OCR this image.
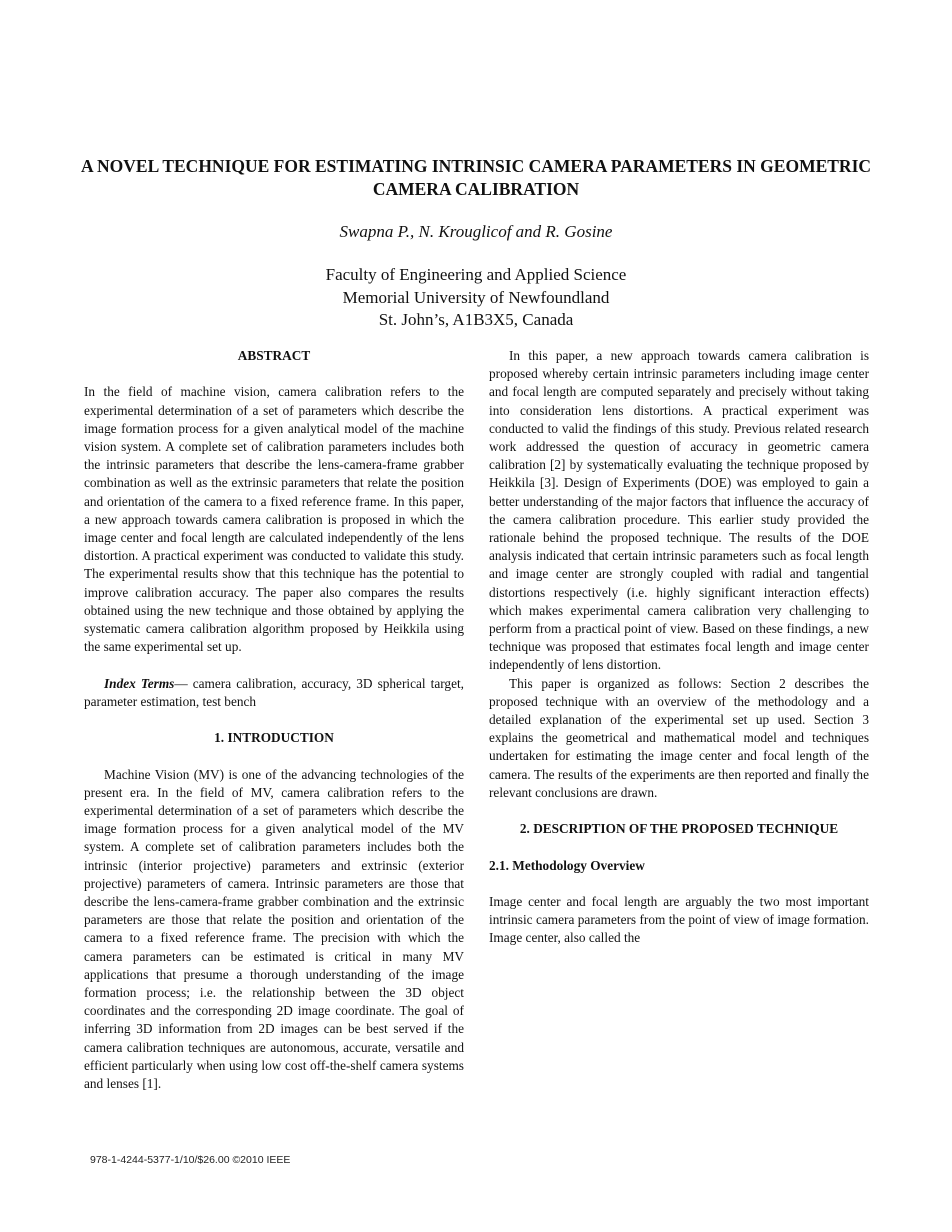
A NOVEL TECHNIQUE FOR ESTIMATING INTRINSIC CAMERA PARAMETERS IN GEOMETRIC CAMERA CALIBRATION
Swapna P., N. Krouglicof and R. Gosine
Faculty of Engineering and Applied Science
Memorial University of Newfoundland
St. John’s, A1B3X5, Canada
ABSTRACT

In the field of machine vision, camera calibration refers to the experimental determination of a set of parameters which describe the image formation process for a given analytical model of the machine vision system. A complete set of calibration parameters includes both the intrinsic parameters that describe the lens-camera-frame grabber combination as well as the extrinsic parameters that relate the position and orientation of the camera to a fixed reference frame. In this paper, a new approach towards camera calibration is proposed in which the image center and focal length are calculated independently of the lens distortion. A practical experiment was conducted to validate this study. The experimental results show that this technique has the potential to improve calibration accuracy. The paper also compares the results obtained using the new technique and those obtained by applying the systematic camera calibration algorithm proposed by Heikkila using the same experimental set up.

Index Terms— camera calibration, accuracy, 3D spherical target, parameter estimation, test bench

1. INTRODUCTION

Machine Vision (MV) is one of the advancing technologies of the present era. In the field of MV, camera calibration refers to the experimental determination of a set of parameters which describe the image formation process for a given analytical model of the MV system. A complete set of calibration parameters includes both the intrinsic (interior projective) parameters and extrinsic (exterior projective) parameters of camera. Intrinsic parameters are those that describe the lens-camera-frame grabber combination and the extrinsic parameters are those that relate the position and orientation of the camera to a fixed reference frame. The precision with which the camera parameters can be estimated is critical in many MV applications that presume a thorough understanding of the image formation process; i.e. the relationship between the 3D object coordinates and the corresponding 2D image coordinate. The goal of inferring 3D information from 2D images can be best served if the camera calibration techniques are autonomous, accurate, versatile and efficient particularly when using low cost off-the-shelf camera systems and lenses [1].

In this paper, a new approach towards camera calibration is proposed whereby certain intrinsic parameters including image center and focal length are computed separately and precisely without taking into consideration lens distortions. A practical experiment was conducted to valid the findings of this study. Previous related research work addressed the question of accuracy in geometric camera calibration [2] by systematically evaluating the technique proposed by Heikkila [3]. Design of Experiments (DOE) was employed to gain a better understanding of the major factors that influence the accuracy of the camera calibration procedure. This earlier study provided the rationale behind the proposed technique. The results of the DOE analysis indicated that certain intrinsic parameters such as focal length and image center are strongly coupled with radial and tangential distortions respectively (i.e. highly significant interaction effects) which makes experimental camera calibration very challenging to perform from a practical point of view. Based on these findings, a new technique was proposed that estimates focal length and image center independently of lens distortion.

This paper is organized as follows: Section 2 describes the proposed technique with an overview of the methodology and a detailed explanation of the experimental set up used. Section 3 explains the geometrical and mathematical model and techniques undertaken for estimating the image center and focal length of the camera. The results of the experiments are then reported and finally the relevant conclusions are drawn.

2. DESCRIPTION OF THE PROPOSED TECHNIQUE
2.1. Methodology Overview

Image center and focal length are arguably the two most important intrinsic camera parameters from the point of view of image formation. Image center, also called the

978-1-4244-5377-1/10/$26.00 ©2010 IEEE
